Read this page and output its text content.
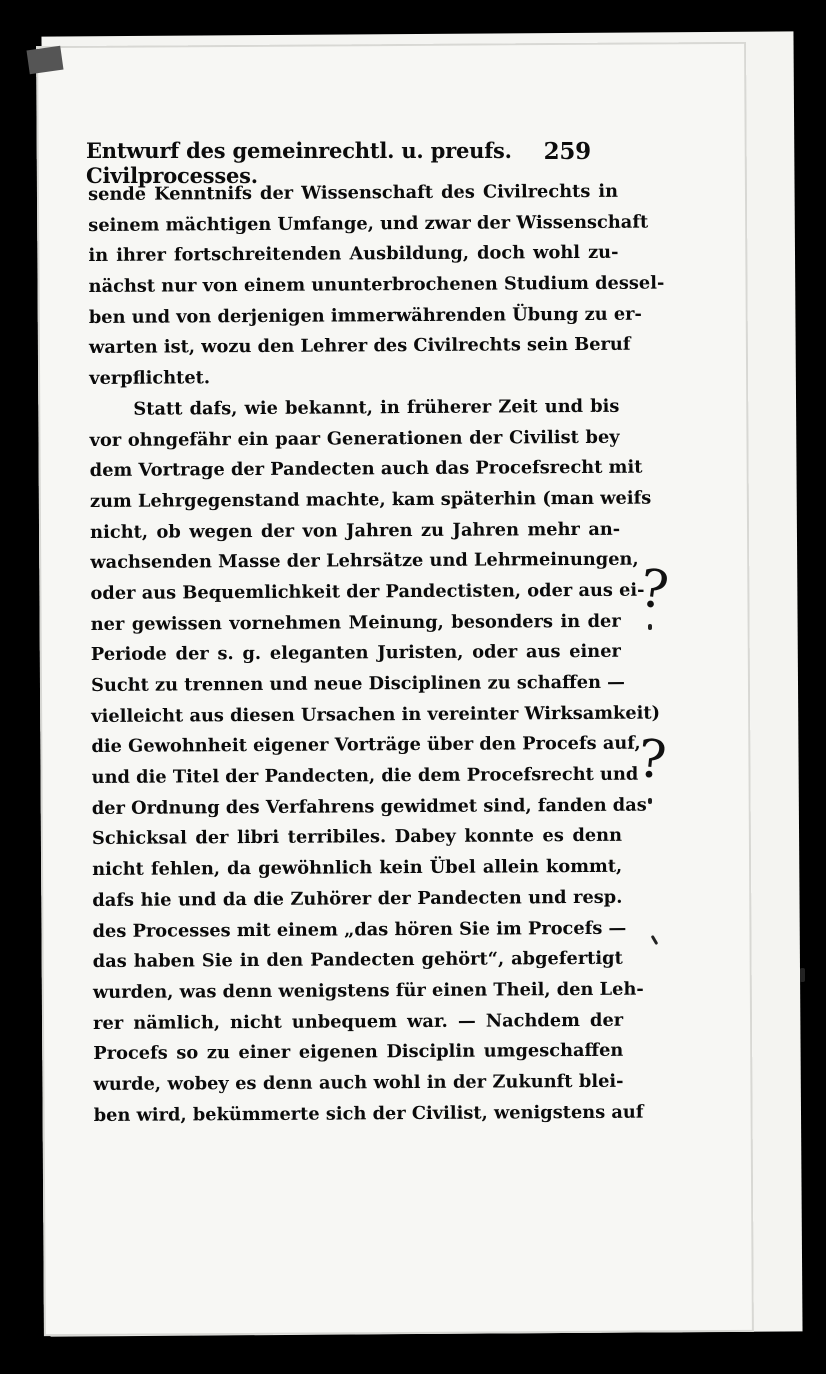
Entwurf des gemeinrechtl. u. preufs. Civilprocesses.
259
sende Kenntnifs der Wissenschaft des Civilrechts in
seinem mächtigen Umfange, und zwar der Wissenschaft
in ihrer fortschreitenden Ausbildung, doch wohl zu-
nächst nur von einem ununterbrochenen Studium dessel-
ben und von derjenigen immerwährenden Übung zu er-
warten ist, wozu den Lehrer des Civilrechts sein Beruf
verpflichtet.
Statt dafs, wie bekannt, in früherer Zeit und bis
vor ohngefähr ein paar Generationen der Civilist bey
dem Vortrage der Pandecten auch das Procefsrecht mit
zum Lehrgegenstand machte, kam späterhin (man weifs
nicht, ob wegen der von Jahren zu Jahren mehr an-
wachsenden Masse der Lehrsätze und Lehrmeinungen,
oder aus Bequemlichkeit der Pandectisten, oder aus ei-
ner gewissen vornehmen Meinung, besonders in der
Periode der s. g. eleganten Juristen, oder aus einer
Sucht zu trennen und neue Disciplinen zu schaffen —
vielleicht aus diesen Ursachen in vereinter Wirksamkeit)
die Gewohnheit eigener Vorträge über den Procefs auf,
und die Titel der Pandecten, die dem Procefsrecht und
der Ordnung des Verfahrens gewidmet sind, fanden das
Schicksal der libri terribiles. Dabey konnte es denn
nicht fehlen, da gewöhnlich kein Übel allein kommt,
dafs hie und da die Zuhörer der Pandecten und resp.
des Processes mit einem „das hören Sie im Procefs —
das haben Sie in den Pandecten gehört“, abgefertigt
wurden, was denn wenigstens für einen Theil, den Leh-
rer nämlich, nicht unbequem war. — Nachdem der
Procefs so zu einer eigenen Disciplin umgeschaffen
wurde, wobey es denn auch wohl in der Zukunft blei-
ben wird, bekümmerte sich der Civilist, wenigstens auf
?
?
